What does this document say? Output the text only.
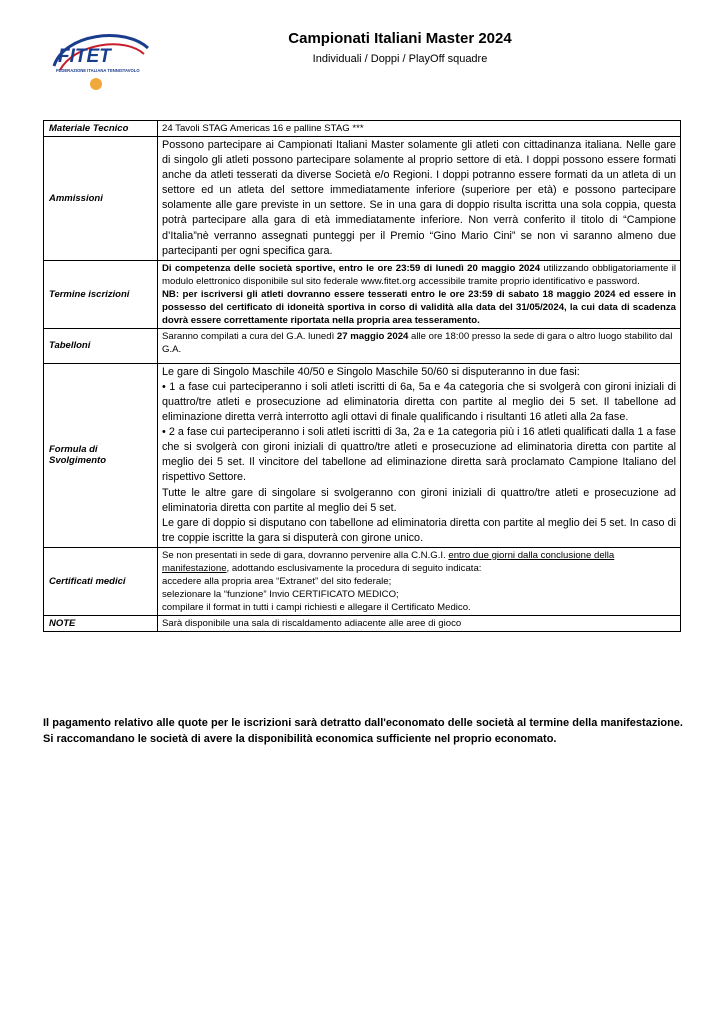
FITET
FEDERAZIONE ITALIANA TENNISTAVOLO
Campionati Italiani Master 2024
Individuali / Doppi / PlayOff squadre
Materiale Tecnico	24 Tavoli STAG Americas 16 e palline STAG ***
Ammissioni	Possono partecipare ai Campionati Italiani Master solamente gli atleti con cittadinanza italiana. Nelle gare di singolo gli atleti possono partecipare solamente al proprio settore di età. I doppi possono essere formati anche da atleti tesserati da diverse Società e/o Regioni. I doppi potranno essere formati da un atleta di un settore ed un atleta del settore immediatamente inferiore (superiore per età) e possono partecipare solamente alle gare previste in un settore. Se in una gara di doppio risulta iscritta una sola coppia, questa potrà partecipare alla gara di età immediatamente inferiore. Non verrà conferito il titolo di “Campione d’Italia”nè verranno assegnati punteggi per il Premio “Gino Mario Cini” se non vi saranno almeno due partecipanti per ogni specifica gara.
Termine iscrizioni	Di competenza delle società sportive, entro le ore 23:59 di lunedì 20 maggio 2024 utilizzando obbligatoriamente il modulo elettronico disponibile sul sito federale www.fitet.org accessibile tramite proprio identificativo e password.

NB: per iscriversi gli atleti dovranno essere tesserati entro le ore 23:59 di sabato 18 maggio 2024 ed essere in possesso del certificato di idoneità sportiva in corso di validità alla data del 31/05/2024, la cui data di scadenza dovrà essere correttamente riportata nella propria area tesseramento.

Tabelloni	Saranno compilati a cura del G.A. lunedì 27 maggio 2024 alle ore 18:00 presso la sede di gara o altro luogo stabilito dal G.A.
Formula di Svolgimento	Le gare di Singolo Maschile 40/50 e Singolo Maschile 50/60 si disputeranno in due fasi:

• 1 a fase cui parteciperanno i soli atleti iscritti di 6a, 5a e 4a categoria che si svolgerà con gironi iniziali di quattro/tre atleti e prosecuzione ad eliminatoria diretta con partite al meglio dei 5 set. Il tabellone ad eliminazione diretta verrà interrotto agli ottavi di finale qualificando i risultanti 16 atleti alla 2a fase.

• 2 a fase cui parteciperanno i soli atleti iscritti di 3a, 2a e 1a categoria più i 16 atleti qualificati dalla 1 a fase che si svolgerà con gironi iniziali di quattro/tre atleti e prosecuzione ad eliminatoria diretta con partite al meglio dei 5 set. Il vincitore del tabellone ad eliminazione diretta sarà proclamato Campione Italiano del rispettivo Settore.

Tutte le altre gare di singolare si svolgeranno con gironi iniziali di quattro/tre atleti e prosecuzione ad eliminatoria diretta con partite al meglio dei 5 set.

Le gare di doppio si disputano con tabellone ad eliminatoria diretta con partite al meglio dei 5 set. In caso di tre coppie iscritte la gara si disputerà con girone unico.

Certificati medici	Se non presentati in sede di gara, dovranno pervenire alla C.N.G.I. entro due giorni dalla conclusione della manifestazione, adottando esclusivamente la procedura di seguito indicata:

accedere alla propria area “Extranet” del sito federale;

selezionare la “funzione” Invio CERTIFICATO MEDICO;

compilare il format in tutti i campi richiesti e allegare il Certificato Medico.

NOTE	Sarà disponibile una sala di riscaldamento adiacente alle aree di gioco
Il pagamento relativo alle quote per le iscrizioni sarà detratto dall'economato delle società al termine della manifestazione. Si raccomandano le società di avere la disponibilità economica sufficiente nel proprio economato.
